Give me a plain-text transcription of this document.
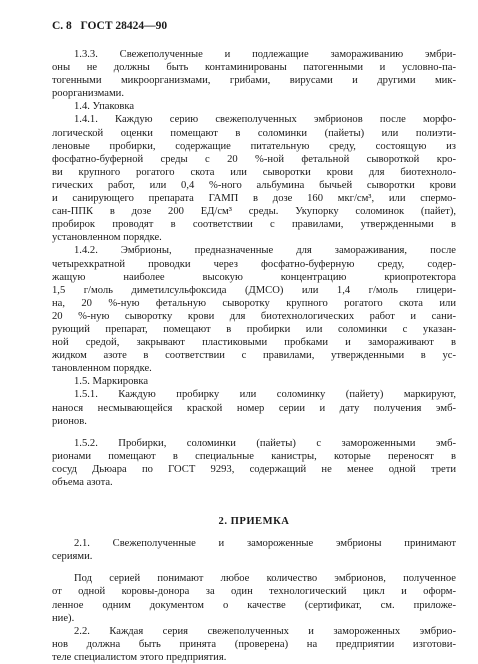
С. 8 ГОСТ 28424—90
1.3.3. Свежеполученные и подлежащие замораживанию эмбри-
оны не должны быть контаминированы патогенными и условно-па-
тогенными микроорганизмами, грибами, вирусами и другими мик-
роорганизмами.
1.4. Упаковка
1.4.1. Каждую серию свежеполученных эмбрионов после морфо-
логической оценки помещают в соломинки (пайеты) или полиэти-
леновые пробирки, содержащие питательную среду, состоящую из
фосфатно-буферной среды с 20 %-ной фетальной сывороткой кро-
ви крупного рогатого скота или сыворотки крови для биотехноло-
гических работ, или 0,4 %-ного альбумина бычьей сыворотки крови
и санирующего препарата ГАМП в дозе 160 мкг/см³, или спермо-
сан-ППК в дозе 200 ЕД/см³ среды. Укупорку соломинок (пайет),
пробирок проводят в соответствии с правилами, утвержденными в
установленном порядке.
1.4.2. Эмбрионы, предназначенные для замораживания, после
четырехкратной проводки через фосфатно-буферную среду, содер-
жащую наиболее высокую концентрацию криопротектора
1,5 г/моль диметилсульфоксида (ДМСО) или 1,4 г/моль глицери-
на, 20 %-ную фетальную сыворотку крупного рогатого скота или
20 %-ную сыворотку крови для биотехнологических работ и сани-
рующий препарат, помещают в пробирки или соломинки с указан-
ной средой, закрывают пластиковыми пробками и замораживают в
жидком азоте в соответствии с правилами, утвержденными в ус-
тановленном порядке.
1.5. Маркировка
1.5.1. Каждую пробирку или соломинку (пайету) маркируют,
нанося несмывающейся краской номер серии и дату получения эмб-
рионов.
1.5.2. Пробирки, соломинки (пайеты) с замороженными эмб-
рионами помещают в специальные канистры, которые переносят в
сосуд Дьюара по ГОСТ 9293, содержащий не менее одной трети
объема азота.
2. ПРИЕМКА
2.1. Свежеполученные и замороженные эмбрионы принимают
сериями.
Под серией понимают любое количество эмбрионов, полученное
от одной коровы-донора за один технологический цикл и оформ-
ленное одним документом о качестве (сертификат, см. приложе-
ние).
2.2. Каждая серия свежеполученных и замороженных эмбрио-
нов должна быть принята (проверена) на предприятии изготови-
теле специалистом этого предприятия.
